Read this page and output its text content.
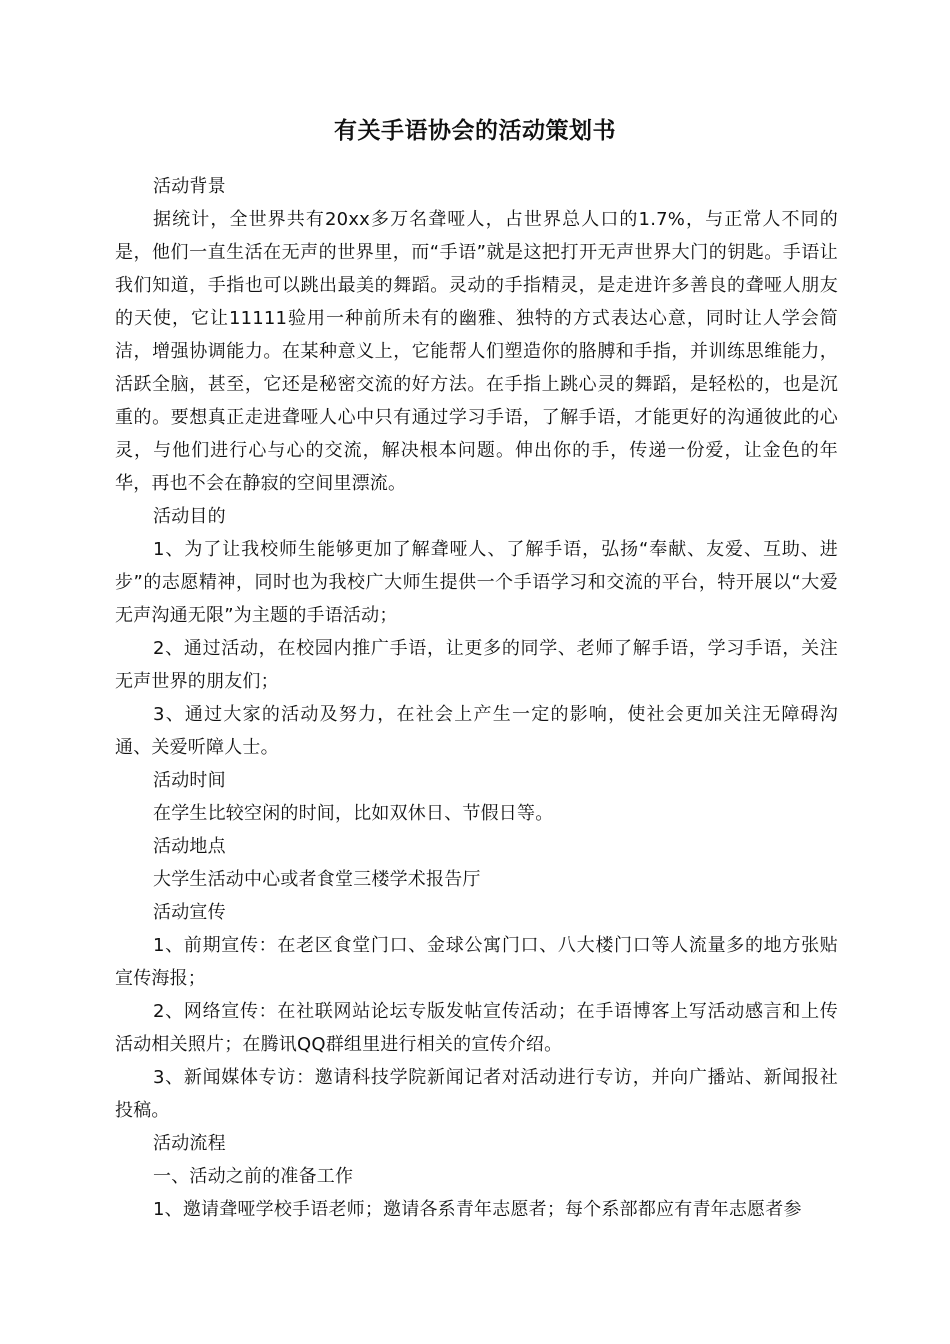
有关手语协会的活动策划书

活动背景

据统计，全世界共有20xx多万名聋哑人，占世界总人口的1.7%，与正常人不同的是，他们一直生活在无声的世界里，而“手语”就是这把打开无声世界大门的钥匙。手语让我们知道，手指也可以跳出最美的舞蹈。灵动的手指精灵，是走进许多善良的聋哑人朋友的天使，它让11111验用一种前所未有的幽雅、独特的方式表达心意，同时让人学会简洁，增强协调能力。在某种意义上，它能帮人们塑造你的胳膊和手指，并训练思维能力，活跃全脑，甚至，它还是秘密交流的好方法。在手指上跳心灵的舞蹈，是轻松的，也是沉重的。要想真正走进聋哑人心中只有通过学习手语，了解手语，才能更好的沟通彼此的心灵，与他们进行心与心的交流，解决根本问题。伸出你的手，传递一份爱，让金色的年华，再也不会在静寂的空间里漂流。

活动目的

1、为了让我校师生能够更加了解聋哑人、了解手语，弘扬“奉献、友爱、互助、进步”的志愿精神，同时也为我校广大师生提供一个手语学习和交流的平台，特开展以“大爱无声沟通无限”为主题的手语活动；

2、通过活动，在校园内推广手语，让更多的同学、老师了解手语，学习手语，关注无声世界的朋友们；

3、通过大家的活动及努力，在社会上产生一定的影响，使社会更加关注无障碍沟通、关爱听障人士。

活动时间

在学生比较空闲的时间，比如双休日、节假日等。

活动地点

大学生活动中心或者食堂三楼学术报告厅

活动宣传

1、前期宣传：在老区食堂门口、金球公寓门口、八大楼门口等人流量多的地方张贴宣传海报；

2、网络宣传：在社联网站论坛专版发帖宣传活动；在手语博客上写活动感言和上传活动相关照片；在腾讯QQ群组里进行相关的宣传介绍。

3、新闻媒体专访：邀请科技学院新闻记者对活动进行专访，并向广播站、新闻报社投稿。

活动流程

一、活动之前的准备工作

1、邀请聋哑学校手语老师；邀请各系青年志愿者；每个系部都应有青年志愿者参
